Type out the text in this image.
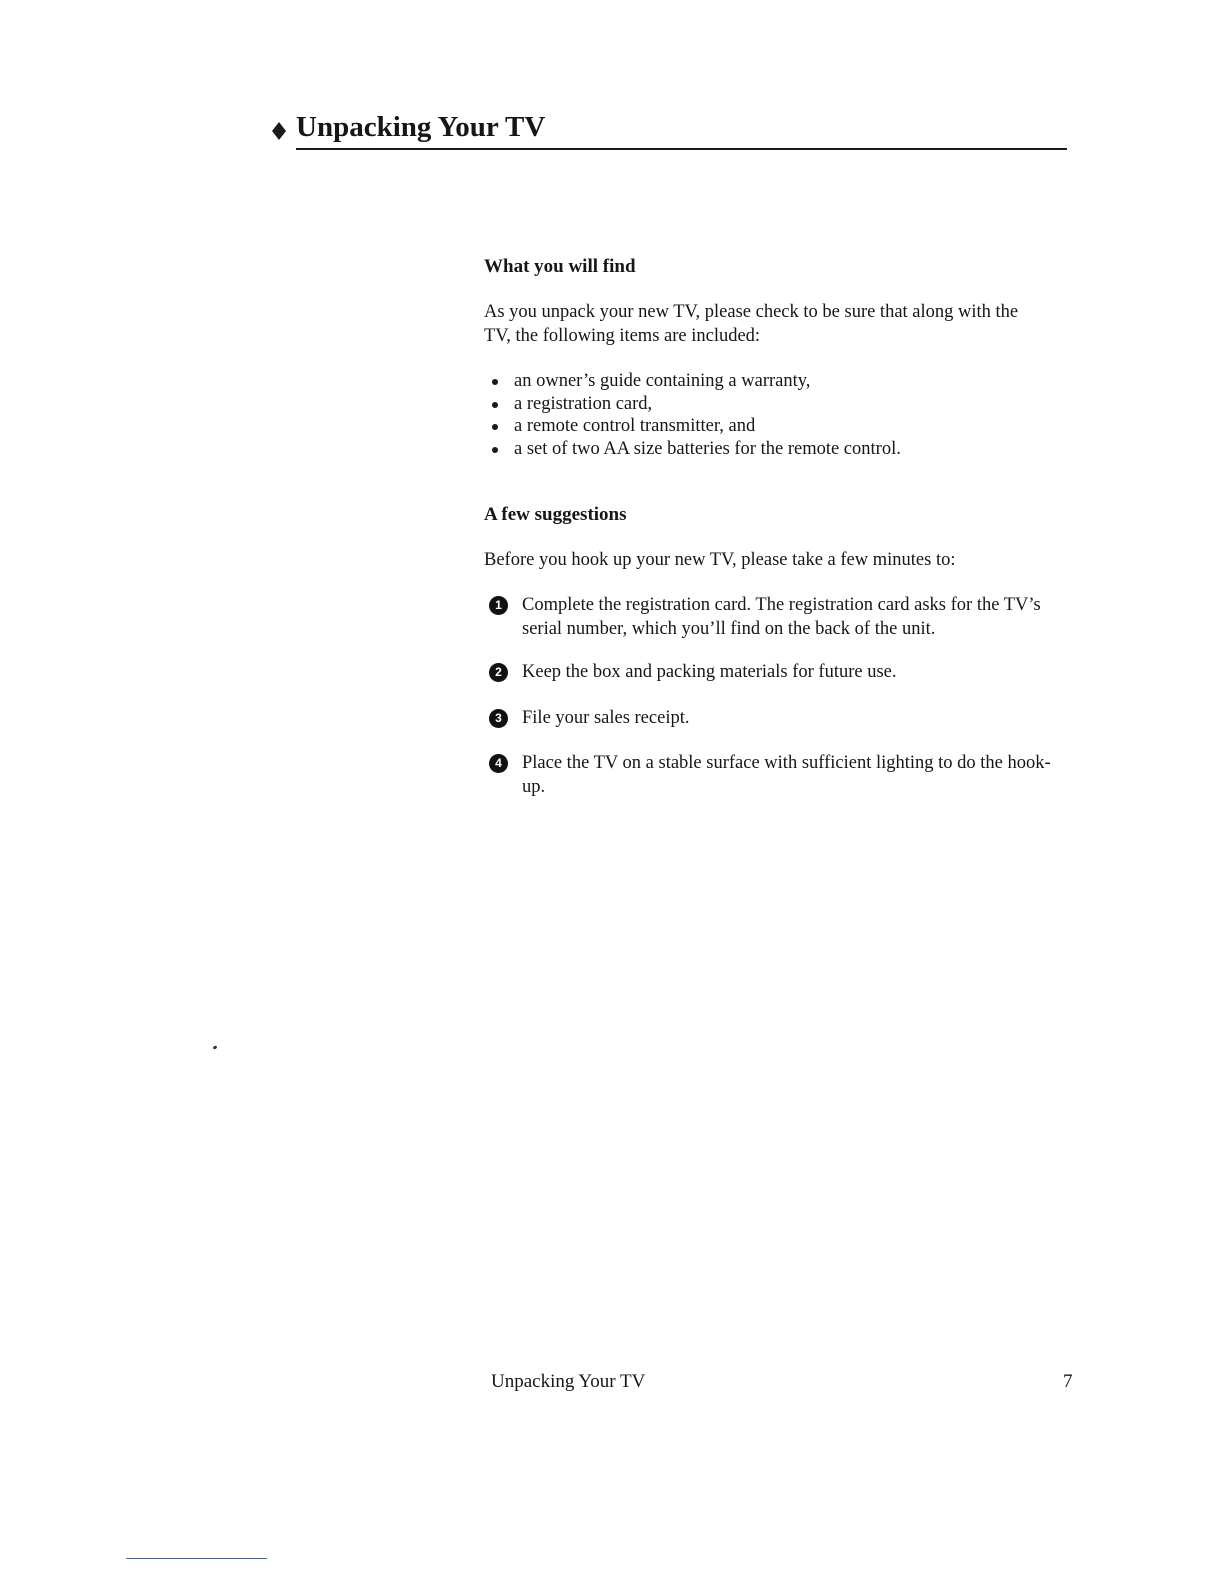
Unpacking Your TV
What you will find

As you unpack your new TV, please check to be sure that along with the TV, the following items are included:

an owner’s guide containing a warranty,
a registration card,
a remote control transmitter, and
a set of two AA size batteries for the remote control.
A few suggestions

Before you hook up your new TV, please take a few minutes to:

1	Complete the registration card. The registration card asks for the TV’s serial number, which you’ll find on the back of the unit.
2	Keep the box and packing materials for future use.
3	File your sales receipt.
4	Place the TV on a stable surface with sufficient lighting to do the hook-up.

Unpacking Your TV	7
